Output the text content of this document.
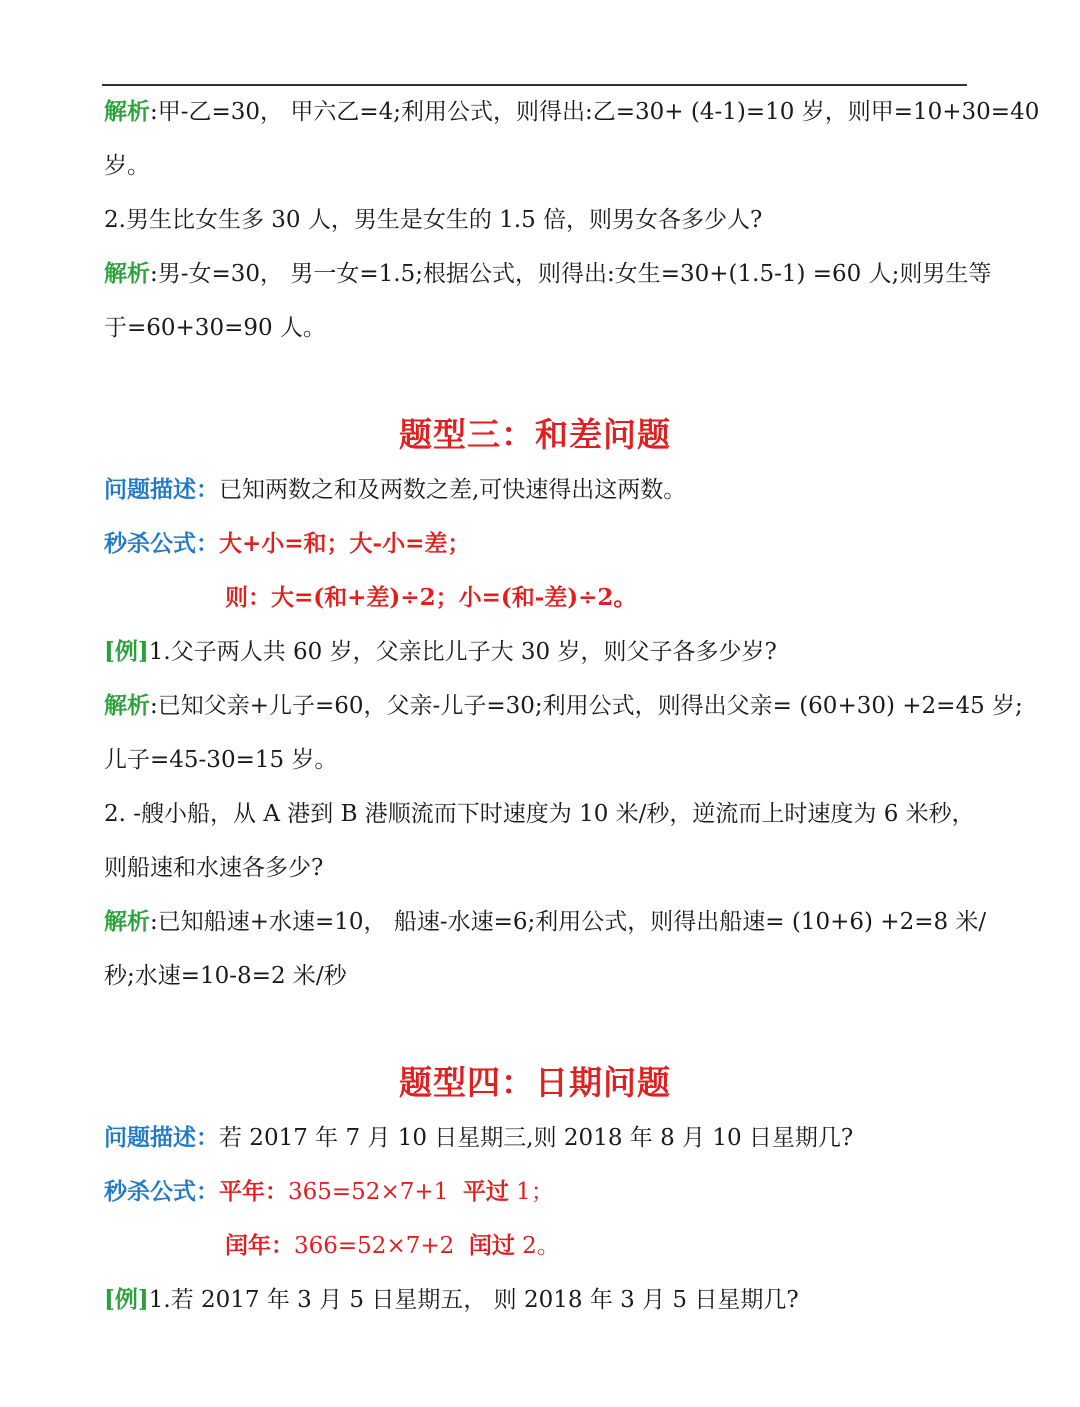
解析:甲-乙=30， 甲六乙=4;利用公式，则得出:乙=30+ (4-1)=10 岁，则甲=10+30=40
岁。
2.男生比女生多 30 人，男生是女生的 1.5 倍，则男女各多少人?
解析:男-女=30， 男一女=1.5;根据公式，则得出:女生=30+(1.5-1) =60 人;则男生等
于=60+30=90 人。
题型三：和差问题
问题描述：已知两数之和及两数之差,可快速得出这两数。
秒杀公式：大+小=和；大-小=差；
则：大=(和+差)÷2；小=(和-差)÷2。
[例]1.父子两人共 60 岁，父亲比儿子大 30 岁，则父子各多少岁?
解析:已知父亲+儿子=60，父亲-儿子=30;利用公式，则得出父亲= (60+30) +2=45 岁;
儿子=45-30=15 岁。
2. -艘小船，从 A 港到 B 港顺流而下时速度为 10 米/秒，逆流而上时速度为 6 米秒，
则船速和水速各多少?
解析:已知船速+水速=10， 船速-水速=6;利用公式，则得出船速= (10+6) +2=8 米/
秒;水速=10-8=2 米/秒
题型四：日期问题
问题描述：若 2017 年 7 月 10 日星期三,则 2018 年 8 月 10 日星期几?
秒杀公式：平年：365=52×7+1 平过 1；
闰年：366=52×7+2 闰过 2。
[例]1.若 2017 年 3 月 5 日星期五， 则 2018 年 3 月 5 日星期几?
